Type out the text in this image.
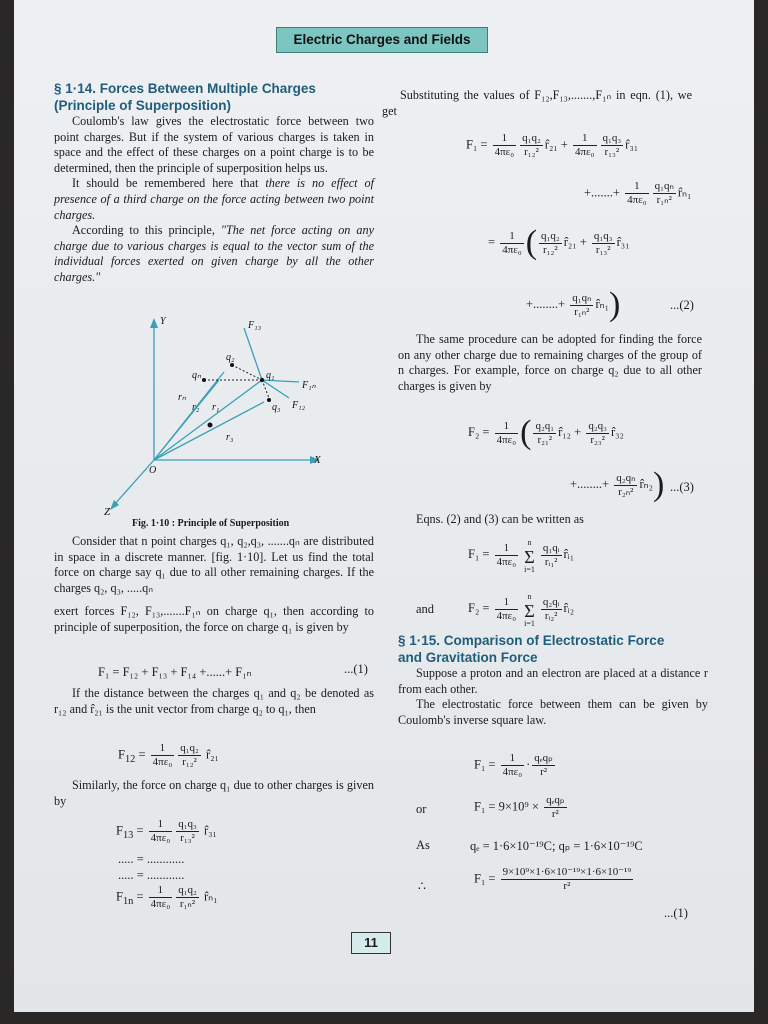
Electric Charges and Fields
§ 1·14. Forces Between Multiple Charges
(Principle of Superposition)

Coulomb's law gives the electrostatic force between two point charges. But if the system of various charges is taken in space and the effect of these charges on a point charge is to be determined, then the principle of superposition helps us.

It should be remembered here that there is no effect of presence of a third charge on the force acting between two point charges.

According to this principle, "The net force acting on any charge due to various charges is equal to the vector sum of the individual forces exerted on given charge by all the other charges."

Y
X
Z
O
q₁
q₂
q₃
qₙ
F₁₃
F₁ₙ
F₁₂
r₁
r₂
r₃
rₙ
Fig. 1·10 : Principle of Superposition

Consider that n point charges q₁, q₂,q₃, .......qₙ are distributed in space in a discrete manner. [fig. 1·10]. Let us find the total force on charge say q₁ due to all other remaining charges. If the charges q₂, q₃, .....qₙ

exert forces F₁₂, F₁₃,.......F₁ₙ on charge q₁, then according to principle of superposition, the force on charge q₁ is given by

F₁ = F₁₂ + F₁₃ + F₁₄ +......+ F₁ₙ	...(1)

If the distance between the charges q₁ and q₂ be denoted as r₁₂ and r̂₂₁ is the unit vector from charge q₂ to q₁, then

$F_{12} = \frac{1}{\text{4πε₀}} \frac{\text{q₁q₂}}{\text{r₁₂²}}$ r̂₂₁

Similarly, the force on charge q₁ due to other charges is given by

$F_{13} = \frac{1}{\text{4πε₀}} \frac{\text{q₁q₃}}{\text{r₁₃²}}$ r̂₃₁
..... = ............
..... = ............
$F_{1n} = \frac{1}{\text{4πε₀}} \frac{\text{q₁q₂}}{\text{r₁ₙ²}}$ r̂ₙ₁

Substituting the values of F₁₂,F₁₃,.......,F₁ₙ in eqn. (1), we get

$F_1 = \frac{1}{\text{4πε₀}} \frac{\text{q₁q₂}}{\text{r₁₂²}}$ r̂₂₁ + $\frac{1}{\text{4πε₀}} \frac{\text{q₁q₃}}{\text{r₁₃²}}$ r̂₃₁
+.......+ $\frac{1}{\text{4πε₀}} \frac{\text{q₁qₙ}}{\text{r₁ₙ²}}$ r̂ₙ₁
= $\frac{1}{\text{4πε₀}}$ ( $\frac{\text{q₁q₂}}{\text{r₁₂²}}$ r̂₂₁ + $\frac{\text{q₁q₃}}{\text{r₁₃²}}$ r̂₃₁
+........+ $\frac{\text{q₁qₙ}}{\text{r₁ₙ²}}$ r̂ₙ₁)	...(2)

The same procedure can be adopted for finding the force on any other charge due to remaining charges of the group of n charges. For example, force on charge q₂ due to all other charges is given by

$F_2 = \frac{1}{\text{4πε₀}}$ ( $\frac{\text{q₂q₁}}{\text{r₂₁²}}$ r̂₁₂ + $\frac{\text{q₂q₃}}{\text{r₂₃²}}$ r̂₃₂
+........+ $\frac{\text{q₂qₙ}}{\text{r₂ₙ²}}$ r̂ₙ₂) ...(3)

Eqns. (2) and (3) can be written as

$F_1 = \frac{1}{\text{4πε₀}}$	n
Σ
i=1
$\frac{\text{q₁qᵢ}}{\text{rᵢ₁²}}$ r̂ᵢ₁
and	$F_2 = \frac{1}{\text{4πε₀}}$	n
Σ
i=1
$\frac{\text{q₂qᵢ}}{\text{rᵢ₂²}}$ r̂ᵢ₂
§ 1·15. Comparison of Electrostatic Force
and Gravitation Force

Suppose a proton and an electron are placed at a distance r from each other.

The electrostatic force between them can be given by Coulomb's inverse square law.

$F_1 = \frac{1}{\text{4πε₀}} \cdot \frac{\text{qₑqₚ}}{\text{r²}}$
or	$F_1 = 9\times 10^9 \times \frac{\text{qₑqₚ}}{\text{r²}}$
As	qₑ = 1·6×10⁻¹⁹C; qₚ = 1·6×10⁻¹⁹C
∴
$F_1 = \frac{\text{9×10⁹×1·6×10⁻¹⁹×1·6×10⁻¹⁹}}{\text{r²}}$
...(1)
11
